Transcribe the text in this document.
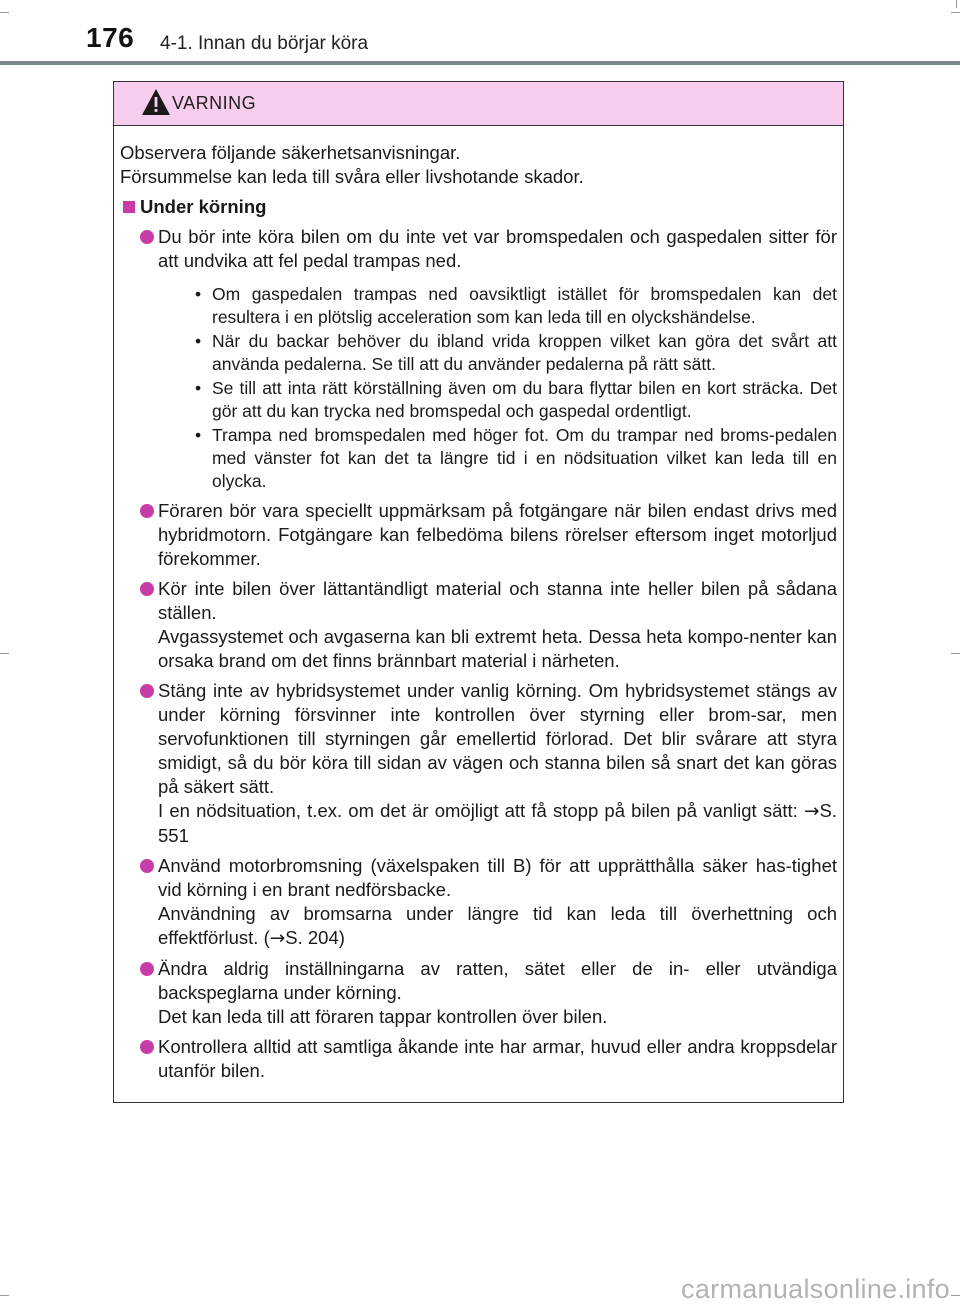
176 4-1. Innan du börjar köra
VARNING

Observera följande säkerhetsanvisningar.

Försummelse kan leda till svåra eller livshotande skador.

Under körning

Du bör inte köra bilen om du inte vet var bromspedalen och gaspedalen sitter för att undvika att fel pedal trampas ned.

• Om gaspedalen trampas ned oavsiktligt istället för bromspedalen kan det resultera i en plötslig acceleration som kan leda till en olyckshändelse.
• När du backar behöver du ibland vrida kroppen vilket kan göra det svårt att använda pedalerna. Se till att du använder pedalerna på rätt sätt.
• Se till att inta rätt körställning även om du bara flyttar bilen en kort sträcka. Det gör att du kan trycka ned bromspedal och gaspedal ordentligt.
• Trampa ned bromspedalen med höger fot. Om du trampar ned broms-pedalen med vänster fot kan det ta längre tid i en nödsituation vilket kan leda till en olycka.

Föraren bör vara speciellt uppmärksam på fotgängare när bilen endast drivs med hybridmotorn. Fotgängare kan felbedöma bilens rörelser eftersom inget motorljud förekommer.

Kör inte bilen över lättantändligt material och stanna inte heller bilen på sådana ställen.

Avgassystemet och avgaserna kan bli extremt heta. Dessa heta kompo-nenter kan orsaka brand om det finns brännbart material i närheten.

Stäng inte av hybridsystemet under vanlig körning. Om hybridsystemet stängs av under körning försvinner inte kontrollen över styrning eller brom-sar, men servofunktionen till styrningen går emellertid förlorad. Det blir svårare att styra smidigt, så du bör köra till sidan av vägen och stanna bilen så snart det kan göras på säkert sätt.

I en nödsituation, t.ex. om det är omöjligt att få stopp på bilen på vanligt sätt: →S. 551

Använd motorbromsning (växelspaken till B) för att upprätthålla säker has-tighet vid körning i en brant nedförsbacke.

Användning av bromsarna under längre tid kan leda till överhettning och effektförlust. (→S. 204)

Ändra aldrig inställningarna av ratten, sätet eller de in- eller utvändiga backspeglarna under körning.

Det kan leda till att föraren tappar kontrollen över bilen.

Kontrollera alltid att samtliga åkande inte har armar, huvud eller andra kroppsdelar utanför bilen.

carmanualsonline.info
